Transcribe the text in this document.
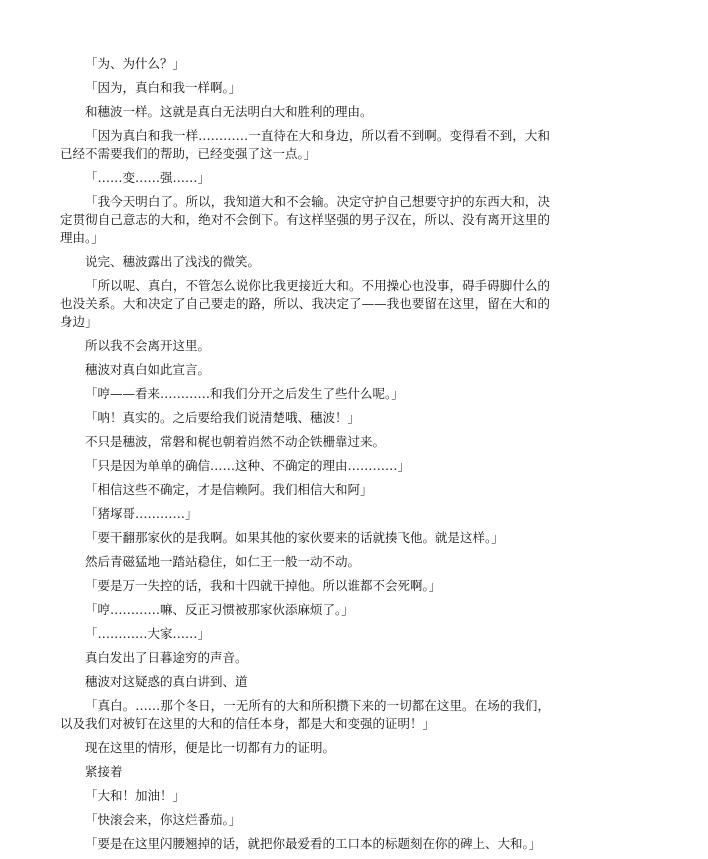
「为、为什么？」

「因为，真白和我一样啊。」

和穗波一样。这就是真白无法明白大和胜利的理由。

「因为真白和我一样…………一直待在大和身边，所以看不到啊。变得看不到，大和已经不需要我们的帮助，已经变强了这一点。」

「……变……强……」

「我今天明白了。所以，我知道大和不会输。决定守护自己想要守护的东西大和，决定贯彻自己意志的大和，绝对不会倒下。有这样坚强的男子汉在，所以、没有离开这里的理由。」

说完、穗波露出了浅浅的微笑。

「所以呢、真白，不管怎么说你比我更接近大和。不用操心也没事，碍手碍脚什么的也没关系。大和决定了自己要走的路，所以、我决定了——我也要留在这里，留在大和的身边」

所以我不会离开这里。

穗波对真白如此宣言。

「哼——看来…………和我们分开之后发生了些什么呢。」

「呐！真实的。之后要给我们说清楚哦、穗波！」

不只是穗波，常磐和梶也朝着岿然不动企铁栅靠过来。

「只是因为单单的确信……这种、不确定的理由…………」

「相信这些不确定，才是信赖阿。我们相信大和阿」

「猪塚哥…………」

「要干翻那家伙的是我啊。如果其他的家伙要来的话就揍飞他。就是这样。」

然后青磁猛地一踏站稳住，如仁王一般一动不动。

「要是万一失控的话，我和十四就干掉他。所以谁都不会死啊。」

「哼…………嘛、反正习惯被那家伙添麻烦了。」

「…………大家……」

真白发出了日暮途穷的声音。

穗波对这疑惑的真白讲到、道

「真白。……那个冬日，一无所有的大和所积攒下来的一切都在这里。在场的我们，以及我们对被钉在这里的大和的信任本身，都是大和变强的证明！」

现在这里的情形，便是比一切都有力的证明。

紧接着

「大和！加油！」

「快滚会来，你这烂番茄。」

「要是在这里闪腰翘掉的话，就把你最爱看的工口本的标题刻在你的碑上、大和。」
